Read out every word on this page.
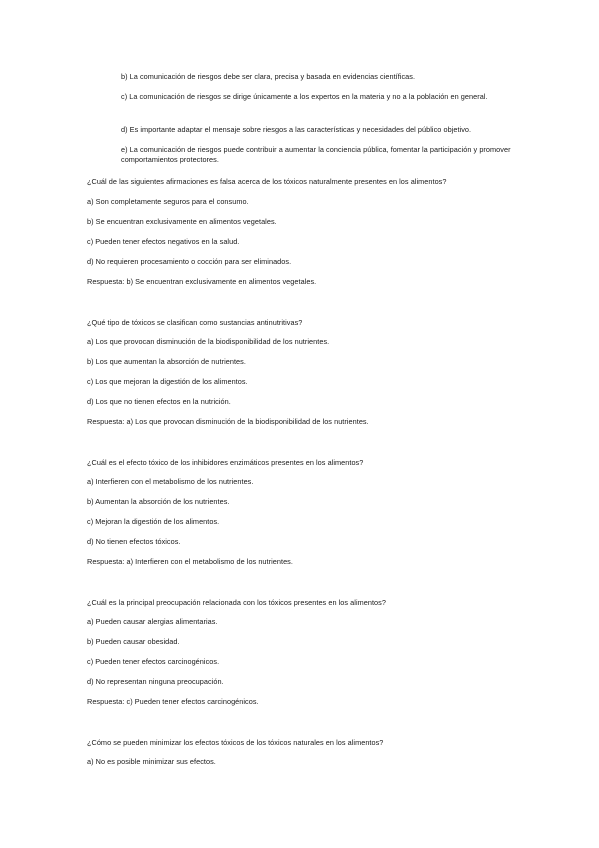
b) La comunicación de riesgos debe ser clara, precisa y basada en evidencias científicas.
c) La comunicación de riesgos se dirige únicamente a los expertos en la materia y no a la población en general.
d) Es importante adaptar el mensaje sobre riesgos a las características y necesidades del público objetivo.
e) La comunicación de riesgos puede contribuir a aumentar la conciencia pública, fomentar la participación y promover comportamientos protectores.
¿Cuál de las siguientes afirmaciones es falsa acerca de los tóxicos naturalmente presentes en los alimentos?
a) Son completamente seguros para el consumo.
b) Se encuentran exclusivamente en alimentos vegetales.
c) Pueden tener efectos negativos en la salud.
d) No requieren procesamiento o cocción para ser eliminados.
Respuesta: b) Se encuentran exclusivamente en alimentos vegetales.
¿Qué tipo de tóxicos se clasifican como sustancias antinutritivas?
a) Los que provocan disminución de la biodisponibilidad de los nutrientes.
b) Los que aumentan la absorción de nutrientes.
c) Los que mejoran la digestión de los alimentos.
d) Los que no tienen efectos en la nutrición.
Respuesta: a) Los que provocan disminución de la biodisponibilidad de los nutrientes.
¿Cuál es el efecto tóxico de los inhibidores enzimáticos presentes en los alimentos?
a) Interfieren con el metabolismo de los nutrientes.
b) Aumentan la absorción de los nutrientes.
c) Mejoran la digestión de los alimentos.
d) No tienen efectos tóxicos.
Respuesta: a) Interfieren con el metabolismo de los nutrientes.
¿Cuál es la principal preocupación relacionada con los tóxicos presentes en los alimentos?
a) Pueden causar alergias alimentarias.
b) Pueden causar obesidad.
c) Pueden tener efectos carcinogénicos.
d) No representan ninguna preocupación.
Respuesta: c) Pueden tener efectos carcinogénicos.
¿Cómo se pueden minimizar los efectos tóxicos de los tóxicos naturales en los alimentos?
a) No es posible minimizar sus efectos.
